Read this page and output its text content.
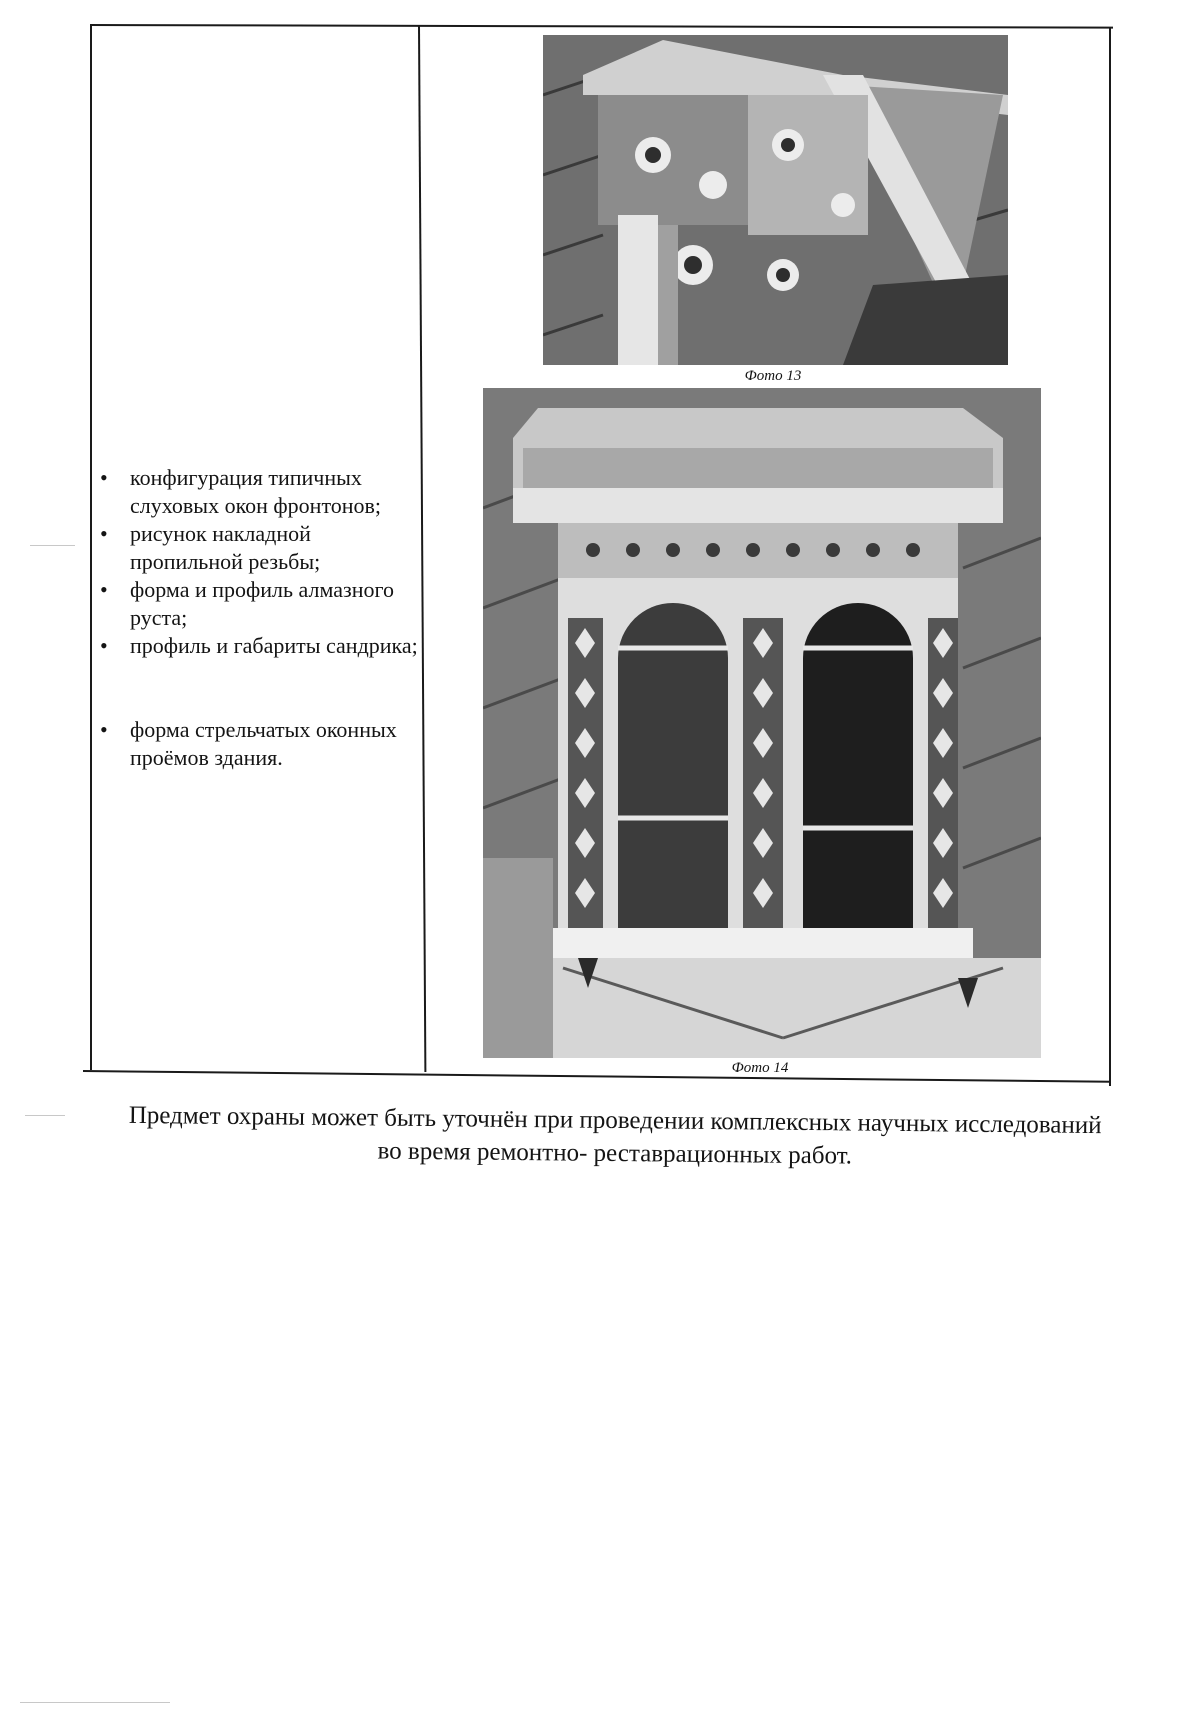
• конфигурация типичных слуховых окон фронтонов;
• рисунок накладной пропильной резьбы;
• форма и профиль алмазного руста;
• профиль и габариты сандрика;
• форма стрельчатых оконных проёмов здания.
Фото 13
Фото 14
Предмет охраны может быть уточнён при проведении комплексных научных исследований во время ремонтно- реставрационных работ.
